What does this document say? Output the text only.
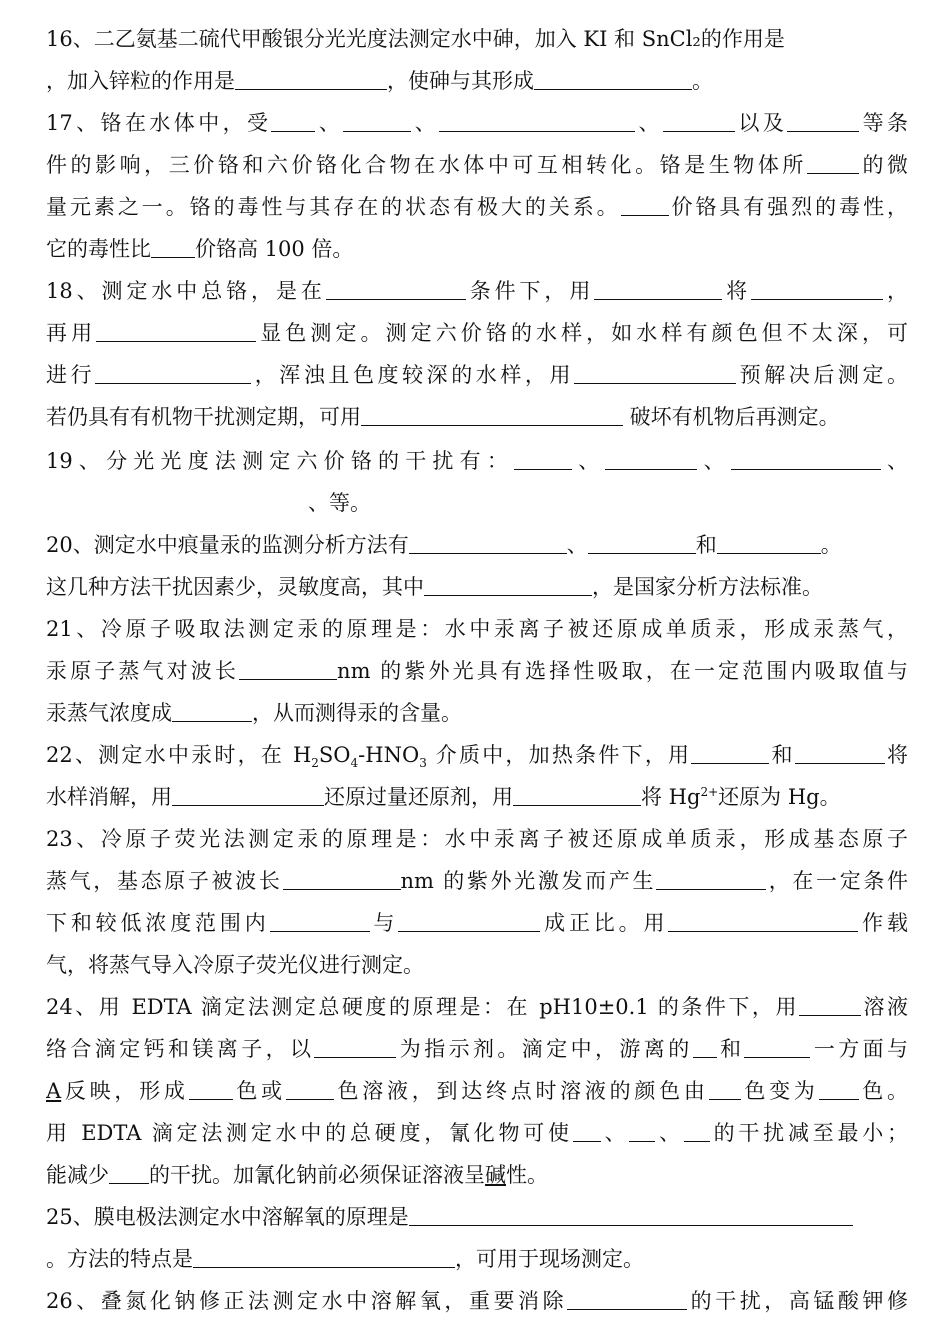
16、二乙氨基二硫代甲酸银分光光度法测定水中砷，加入 KI 和 SnCl₂的作用是
，加入锌粒的作用是	，使砷与其形成	。
17、铬在水体中，受 、	、	、	以及	等条
件的影响，三价铬和六价铬化合物在水体中可互相转化。铬是生物体所 的微
量元素之一。铬的毒性与其存在的状态有极大的关系。 价铬具有强烈的毒性，
它的毒性比 价铬高 100 倍。
18、测定水中总铬，是在	条件下，用	将	，
再用	显色测定。测定六价铬的水样，如水样有颜色但不太深，可
进行	，浑浊且色度较深的水样，用	预解决后测定。
若仍具有有机物干扰测定期，可用	破坏有机物后再测定。
19、分光光度法测定六价铬的干扰有：	、	、	、
、等。
20、测定水中痕量汞的监测分析方法有	、	和	。
这几种方法干扰因素少，灵敏度高，其中	，是国家分析方法标准。
21、冷原子吸取法测定汞的原理是：水中汞离子被还原成单质汞，形成汞蒸气，
汞原子蒸气对波长	nm 的紫外光具有选择性吸取，在一定范围内吸取值与
汞蒸气浓度成	，从而测得汞的含量。
22、测定水中汞时，在 $H_2SO_4-HNO_3$ 介质中，加热条件下，用	和	将
水样消解，用	还原过量还原剂，用	将 $Hg^{2+}$还原为 Hg。
23、冷原子荧光法测定汞的原理是：水中汞离子被还原成单质汞，形成基态原子
蒸气，基态原子被波长	nm 的紫外光激发而产生	，在一定条件
下和较低浓度范围内	与	成正比。用	作载
气，将蒸气导入冷原子荧光仪进行测定。
24、用 EDTA 滴定法测定总硬度的原理是：在 pH10±0.1 的条件下，用	溶液
络合滴定钙和镁离子，以	为指示剂。滴定中，游离的 和	一方面与
A反映，形成 色或 色溶液，到达终点时溶液的颜色由 色变为 色。
用 EDTA 滴定法测定水中的总硬度，氰化物可使 、 、 的干扰减至最小；
能减少 的干扰。加氰化钠前必须保证溶液呈碱性。
25、膜电极法测定水中溶解氧的原理是
。方法的特点是	，可用于现场测定。
26、叠氮化钠修正法测定水中溶解氧，重要消除	的干扰，高锰酸钾修
